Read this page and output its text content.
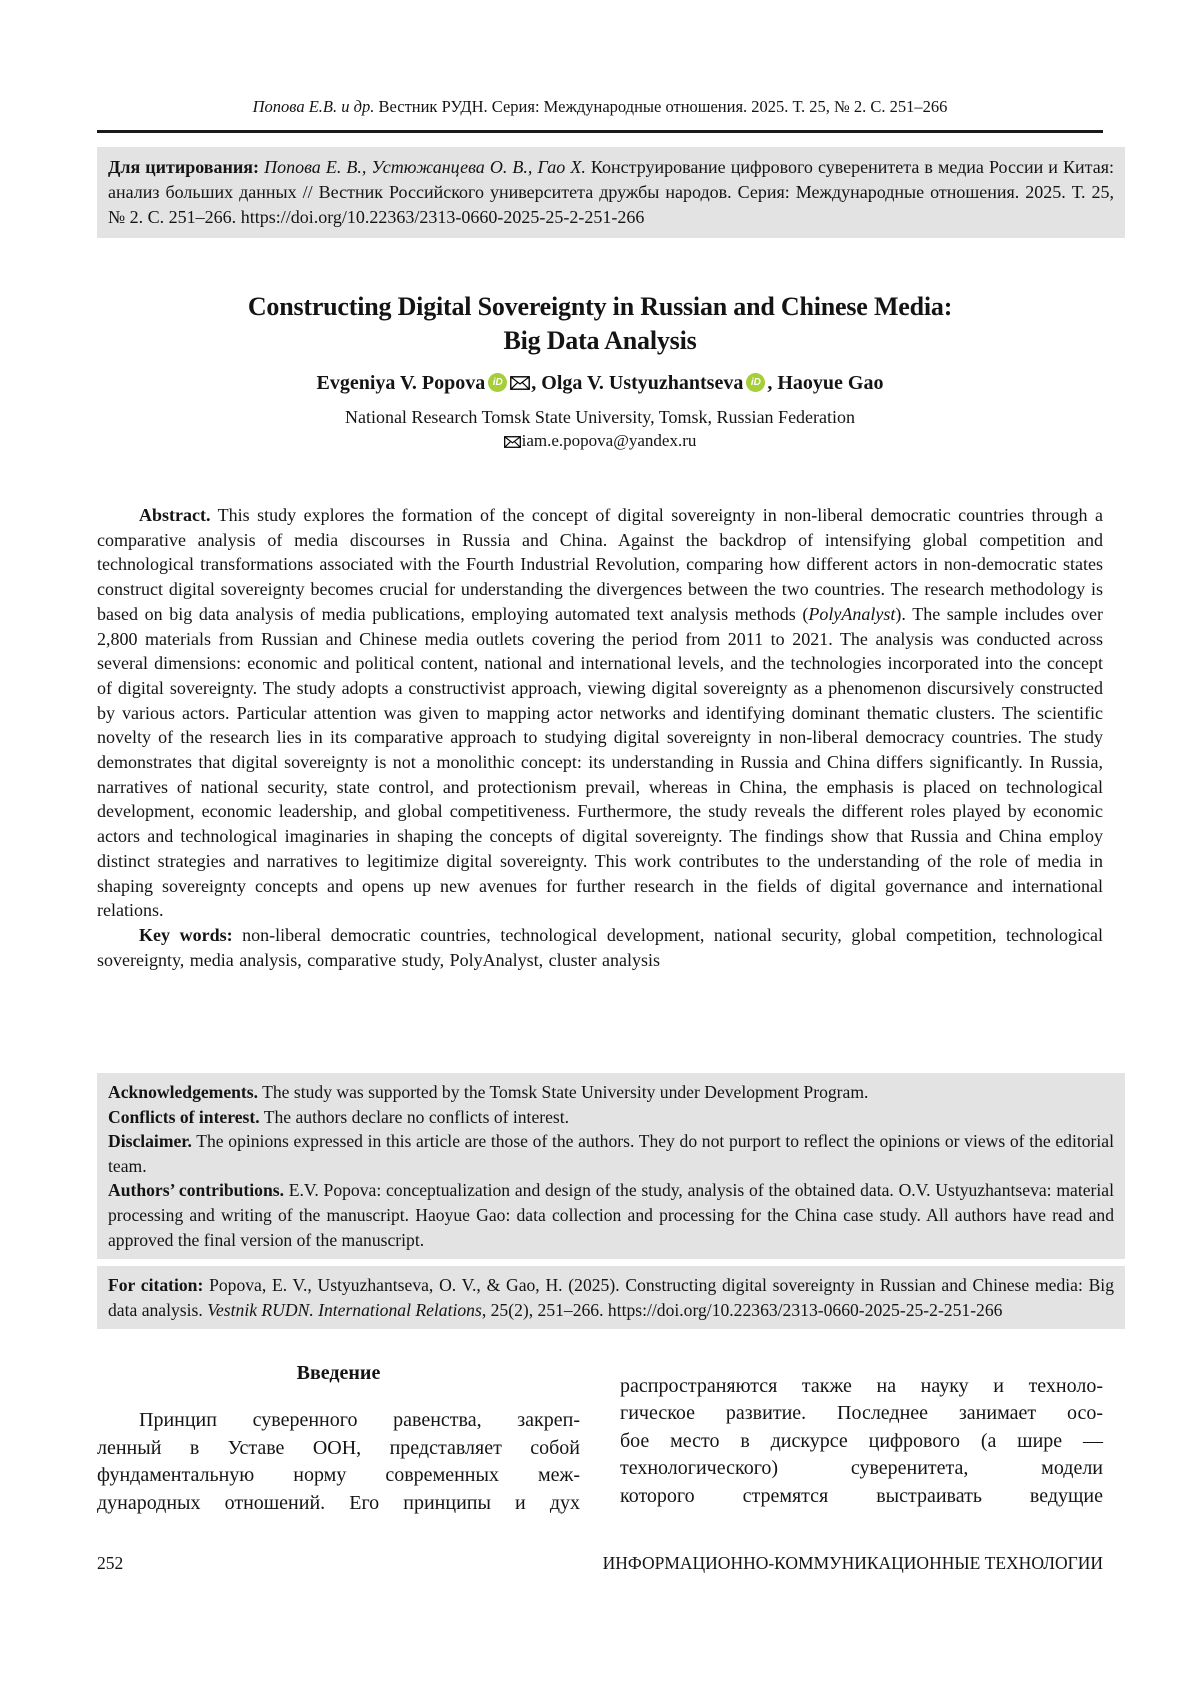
Попова Е.В. и др. Вестник РУДН. Серия: Международные отношения. 2025. Т. 25, № 2. С. 251–266
Для цитирования: Попова Е. В., Устюжанцева О. В., Гао Х. Конструирование цифрового суверенитета в медиа России и Китая: анализ больших данных // Вестник Российского университета дружбы народов. Серия: Международные отношения. 2025. Т. 25, № 2. С. 251–266. https://doi.org/10.22363/2313-0660-2025-25-2-251-266
Constructing Digital Sovereignty in Russian and Chinese Media:
Big Data Analysis
Evgeniya V. Popova iD , Olga V. Ustyuzhantseva iD , Haoyue Gao
National Research Tomsk State University, Tomsk, Russian Federation
iam.e.popova@yandex.ru

Abstract. This study explores the formation of the concept of digital sovereignty in non-liberal democratic countries through a comparative analysis of media discourses in Russia and China. Against the backdrop of intensifying global competition and technological transformations associated with the Fourth Industrial Revolution, comparing how different actors in non-democratic states construct digital sovereignty becomes crucial for understanding the divergences between the two countries. The research methodology is based on big data analysis of media publications, employing automated text analysis methods (PolyAnalyst). The sample includes over 2,800 materials from Russian and Chinese media outlets covering the period from 2011 to 2021. The analysis was conducted across several dimensions: economic and political content, national and international levels, and the technologies incorporated into the concept of digital sovereignty. The study adopts a constructivist approach, viewing digital sovereignty as a phenomenon discursively constructed by various actors. Particular attention was given to mapping actor networks and identifying dominant thematic clusters. The scientific novelty of the research lies in its comparative approach to studying digital sovereignty in non-liberal democracy countries. The study demonstrates that digital sovereignty is not a monolithic concept: its understanding in Russia and China differs significantly. In Russia, narratives of national security, state control, and protectionism prevail, whereas in China, the emphasis is placed on technological development, economic leadership, and global competitiveness. Furthermore, the study reveals the different roles played by economic actors and technological imaginaries in shaping the concepts of digital sovereignty. The findings show that Russia and China employ distinct strategies and narratives to legitimize digital sovereignty. This work contributes to the understanding of the role of media in shaping sovereignty concepts and opens up new avenues for further research in the fields of digital governance and international relations.

Key words: non-liberal democratic countries, technological development, national security, global competition, technological sovereignty, media analysis, comparative study, PolyAnalyst, cluster analysis

Acknowledgements. The study was supported by the Tomsk State University under Development Program.

Conflicts of interest. The authors declare no conflicts of interest.

Disclaimer. The opinions expressed in this article are those of the authors. They do not purport to reflect the opinions or views of the editorial team.

Authors’ contributions. E.V. Popova: conceptualization and design of the study, analysis of the obtained data. O.V. Ustyuzhantseva: material processing and writing of the manuscript. Haoyue Gao: data collection and processing for the China case study. All authors have read and approved the final version of the manuscript.

For citation: Popova, E. V., Ustyuzhantseva, O. V., & Gao, H. (2025). Constructing digital sovereignty in Russian and Chinese media: Big data analysis. Vestnik RUDN. International Relations, 25(2), 251–266. https://doi.org/10.22363/2313-0660-2025-25-2-251-266

Введение

Принцип суверенного равенства, закреп-
ленный в Уставе ООН, представляет собой
фундаментальную норму современных меж-
дународных отношений. Его принципы и дух

распространяются также на науку и техноло-
гическое развитие. Последнее занимает осо-
бое место в дискурсе цифрового (а шире —
технологического) суверенитета, модели
которого стремятся выстраивать ведущие

252	ИНФОРМАЦИОННО-КОММУНИКАЦИОННЫЕ ТЕХНОЛОГИИ
